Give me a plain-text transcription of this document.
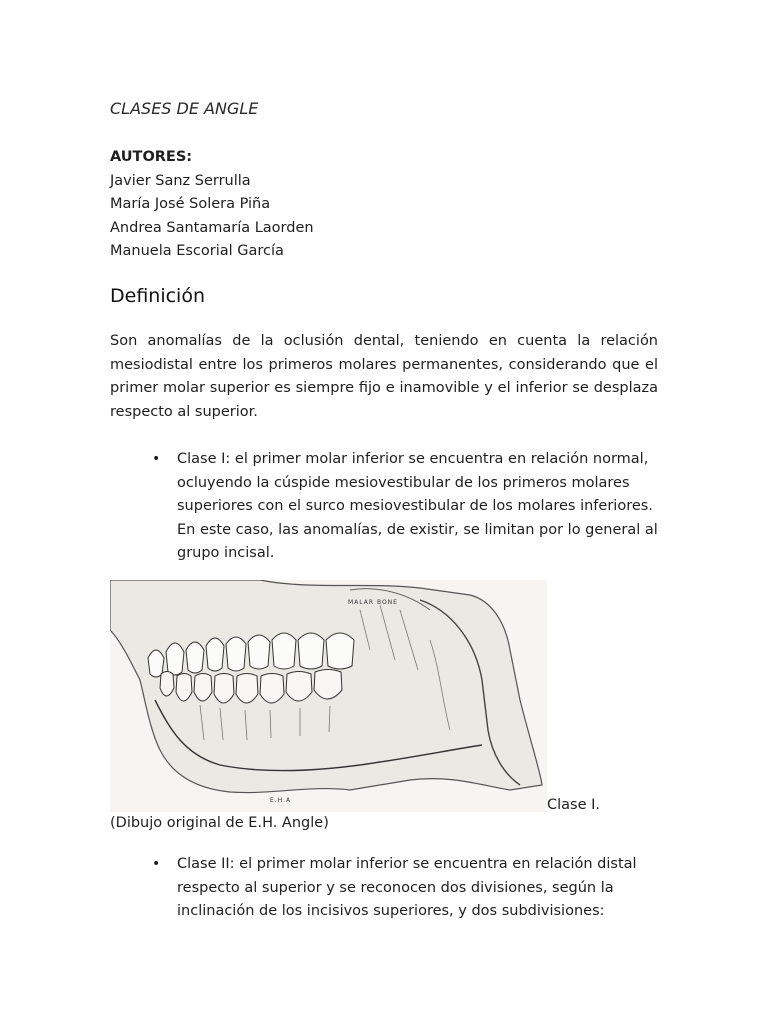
CLASES DE ANGLE
AUTORES:
Javier Sanz Serrulla
María José Solera Piña
Andrea Santamaría Laorden
Manuela Escorial García
Definición

Son anomalías de la oclusión dental, teniendo en cuenta la relación mesiodistal entre los primeros molares permanentes, considerando que el primer molar superior es siempre fijo e inamovible y el inferior se desplaza respecto al superior.

• Clase I: el primer molar inferior se encuentra en relación normal, ocluyendo la cúspide mesiovestibular de los primeros molares superiores con el surco mesiovestibular de los molares inferiores. En este caso, las anomalías, de existir, se limitan por lo general al grupo incisal.
MALAR BONE
E.H.A	Clase I.
(Dibujo original de E.H. Angle)
• Clase II: el primer molar inferior se encuentra en relación distal respecto al superior y se reconocen dos divisiones, según la inclinación de los incisivos superiores, y dos subdivisiones:
